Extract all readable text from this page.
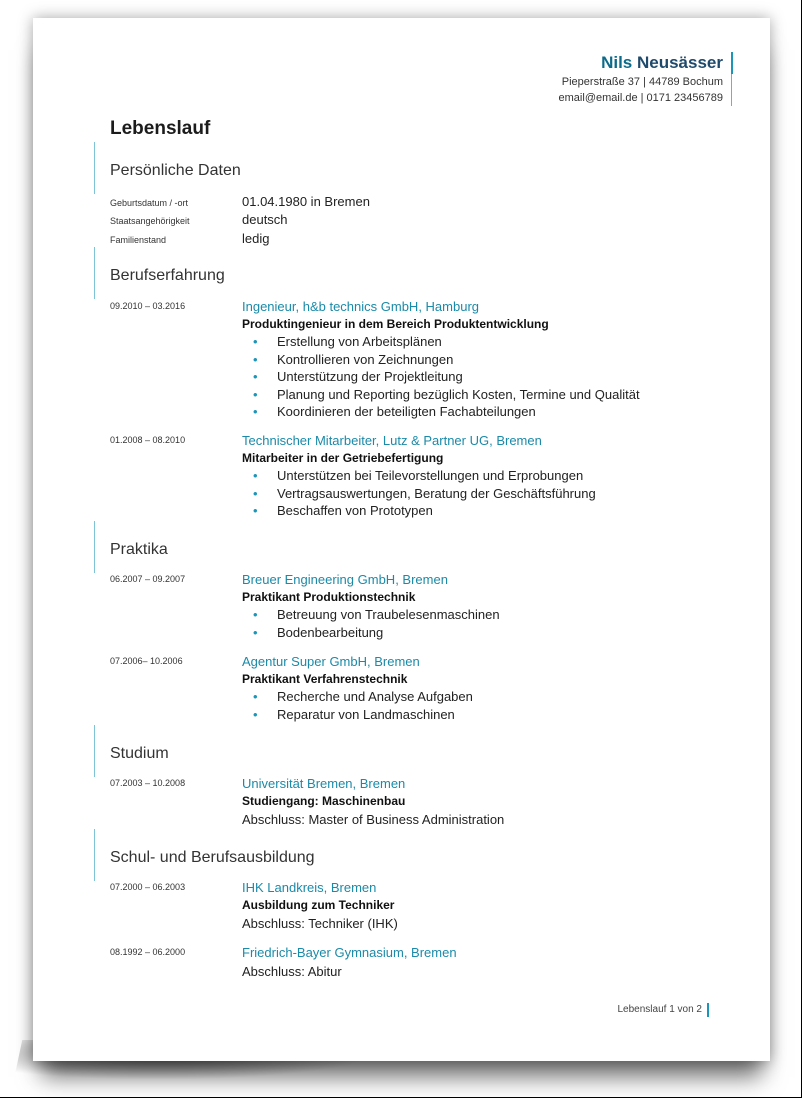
Nils Neusässer
Pieperstraße 37 | 44789 Bochum
email@email.de | 0171 23456789
Lebenslauf
Persönliche Daten
Geburtsdatum / -ort	01.04.1980 in Bremen
Staatsangehörigkeit	deutsch
Familienstand	ledig
Berufserfahrung
09.2010 – 03.2016	Ingenieur, h&b technics GmbH, Hamburg
Produktingenieur in dem Bereich Produktentwicklung
• Erstellung von Arbeitsplänen
• Kontrollieren von Zeichnungen
• Unterstützung der Projektleitung
• Planung und Reporting bezüglich Kosten, Termine und Qualität
• Koordinieren der beteiligten Fachabteilungen
01.2008 – 08.2010	Technischer Mitarbeiter, Lutz & Partner UG, Bremen
Mitarbeiter in der Getriebefertigung
• Unterstützen bei Teilevorstellungen und Erprobungen
• Vertragsauswertungen, Beratung der Geschäftsführung
• Beschaffen von Prototypen
Praktika
06.2007 – 09.2007	Breuer Engineering GmbH, Bremen
Praktikant Produktionstechnik
• Betreuung von Traubelesenmaschinen
• Bodenbearbeitung
07.2006– 10.2006	Agentur Super GmbH, Bremen
Praktikant Verfahrenstechnik
• Recherche und Analyse Aufgaben
• Reparatur von Landmaschinen
Studium
07.2003 – 10.2008	Universität Bremen, Bremen
Studiengang: Maschinenbau
Abschluss: Master of Business Administration
Schul- und Berufsausbildung
07.2000 – 06.2003	IHK Landkreis, Bremen
Ausbildung zum Techniker
Abschluss: Techniker (IHK)
08.1992 – 06.2000	Friedrich-Bayer Gymnasium, Bremen
Abschluss: Abitur
Lebenslauf 1 von 2
